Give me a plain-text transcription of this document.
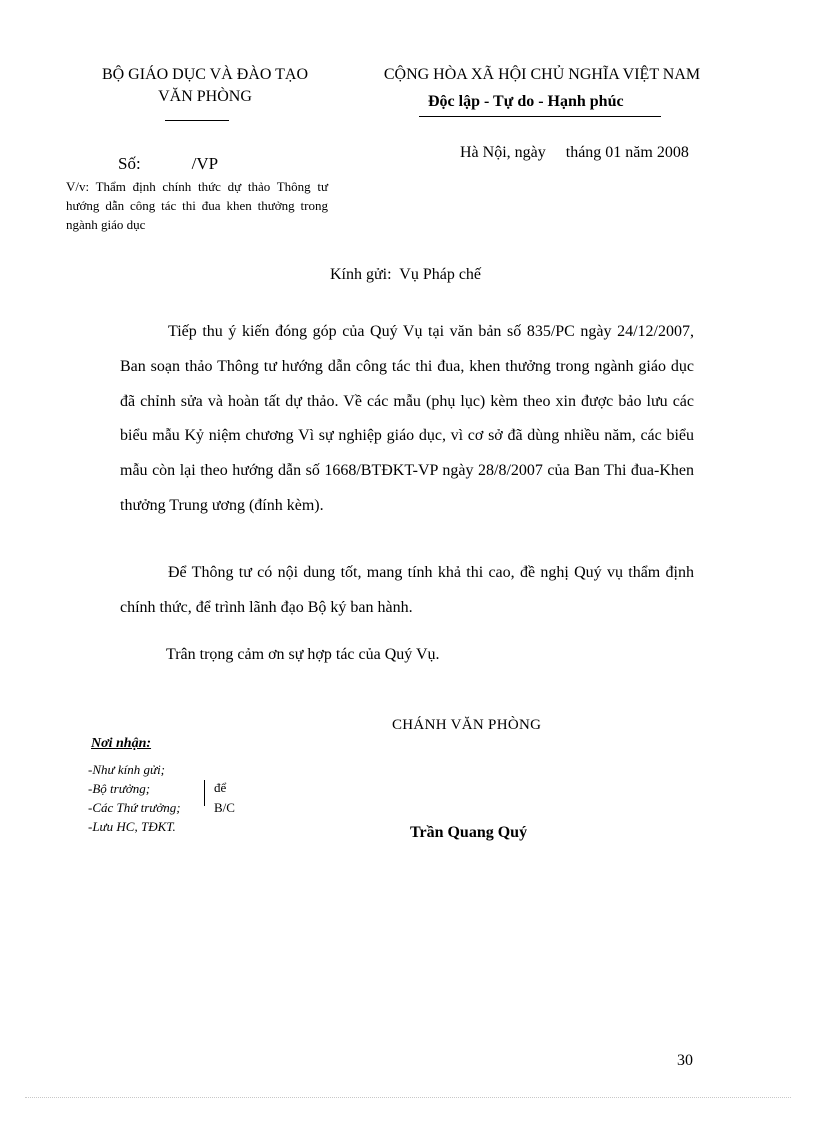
BỘ GIÁO DỤC VÀ ĐÀO TẠO
VĂN PHÒNG
CỘNG HÒA XÃ HỘI CHỦ NGHĨA VIỆT NAM
Độc lập - Tự do - Hạnh phúc
Hà Nội, ngày     tháng 01 năm 2008
Số:            /VP
V/v: Thẩm định chính thức dự thảo Thông tư hướng dẫn công tác thi đua khen thưởng trong ngành giáo dục
Kính gửi:  Vụ Pháp chế
Tiếp thu ý kiến đóng góp của Quý Vụ tại văn bản số 835/PC ngày 24/12/2007, Ban soạn thảo Thông tư hướng dẫn công tác thi đua, khen thưởng trong ngành giáo dục đã chỉnh sửa và hoàn tất dự thảo. Về các mẫu (phụ lục) kèm theo xin được bảo lưu các biểu mẫu Kỷ niệm chương Vì sự nghiệp giáo dục, vì cơ sở đã dùng nhiều năm, các biểu mẫu còn lại theo hướng dẫn số 1668/BTĐKT-VP ngày 28/8/2007 của Ban Thi đua-Khen thưởng Trung ương (đính kèm).
Để Thông tư có nội dung tốt, mang tính khả thi cao, đề nghị Quý vụ thẩm định chính thức, để trình lãnh đạo Bộ ký ban hành.
Trân trọng cảm ơn sự hợp tác của Quý Vụ.
CHÁNH VĂN PHÒNG
Trần Quang Quý
Nơi nhận:
-Như kính gửi;
-Bộ trưởng;
-Các Thứ trưởng;
-Lưu HC, TĐKT.
để
B/C
30
